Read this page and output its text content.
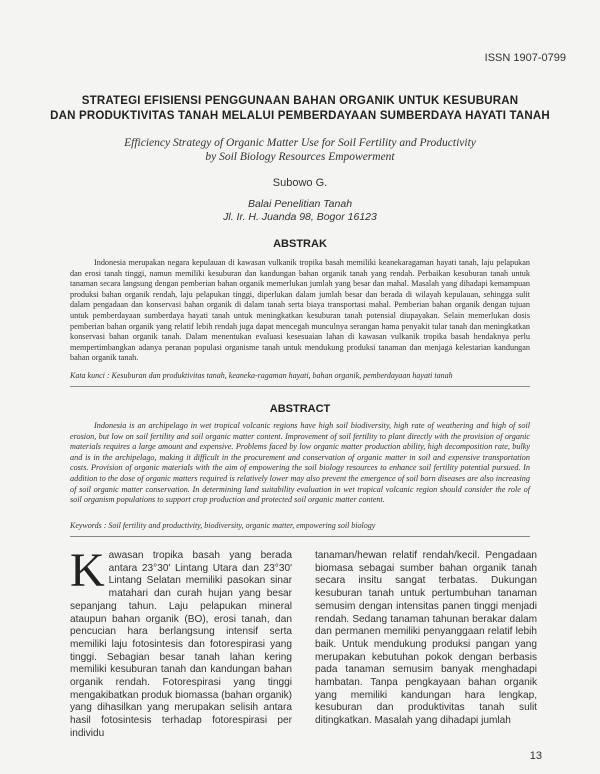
ISSN 1907-0799
STRATEGI EFISIENSI PENGGUNAAN BAHAN ORGANIK UNTUK KESUBURAN
DAN PRODUKTIVITAS TANAH MELALUI PEMBERDAYAAN SUMBERDAYA HAYATI TANAH
Efficiency Strategy of Organic Matter Use for Soil Fertility and Productivity
by Soil Biology Resources Empowerment
Subowo G.
Balai Penelitian Tanah
Jl. Ir. H. Juanda 98, Bogor 16123
ABSTRAK
Indonesia merupakan negara kepulauan di kawasan vulkanik tropika basah memiliki keanekaragaman hayati tanah, laju pelapukan dan erosi tanah tinggi, namun memiliki kesuburan dan kandungan bahan organik tanah yang rendah. Perbaikan kesuburan tanah untuk tanaman secara langsung dengan pemberian bahan organik memerlukan jumlah yang besar dan mahal. Masalah yang dihadapi kemampuan produksi bahan organik rendah, laju pelapukan tinggi, diperlukan dalam jumlah besar dan berada di wilayah kepulauan, sehingga sulit dalam pengadaan dan konservasi bahan organik di dalam tanah serta biaya transportasi mahal. Pemberian bahan organik dengan tujuan untuk pemberdayaan sumberdaya hayati tanah untuk meningkatkan kesuburan tanah potensial diupayakan. Selain memerlukan dosis pemberian bahan organik yang relatif lebih rendah juga dapat mencegah munculnya serangan hama penyakit tular tanah dan meningkatkan konservasi bahan organik tanah. Dalam menentukan evaluasi kesesuaian lahan di kawasan vulkanik tropika basah hendaknya perlu mempertimbangkan adanya peranan populasi organisme tanah untuk mendukung produksi tanaman dan menjaga kelestarian kandungan bahan organik tanah.
Kata kunci : Kesuburan dan produktivitas tanah, keaneka-ragaman hayati, bahan organik, pemberdayaan hayati tanah
ABSTRACT
Indonesia is an archipelago in wet tropical volcanic regions have high soil biodiversity, high rate of weathering and high of soil erosion, but low on soil fertility and soil organic matter content. Improvement of soil fertility to plant directly with the provision of organic materials requires a large amount and expensive. Problems faced by low organic matter production ability, high decomposition rate, bulky and is in the archipelago, making it difficult in the procurement and conservation of organic matter in soil and expensive transportation costs. Provision of organic materials with the aim of empowering the soil biology resources to enhance soil fertility potential pursued. In addition to the dose of organic matters required is relatively lower may also prevent the emergence of soil born diseases are also increasing of soil organic matter conservation. In determining land suitability evaluation in wet tropical volcanic region should consider the role of soil organism populations to support crop production and protected soil organic matter content.
Keywords : Soil fertility and productivity, biodiversity, organic matter, empowering soil biology
Kawasan tropika basah yang berada antara 23°30' Lintang Utara dan 23°30' Lintang Selatan memiliki pasokan sinar matahari dan curah hujan yang besar sepanjang tahun. Laju pelapukan mineral ataupun bahan organik (BO), erosi tanah, dan pencucian hara berlangsung intensif serta memiliki laju fotosintesis dan fotorespirasi yang tinggi. Sebagian besar tanah lahan kering memiliki kesuburan tanah dan kandungan bahan organik rendah. Fotorespirasi yang tinggi mengakibatkan produk biomassa (bahan organik) yang dihasilkan yang merupakan selisih antara hasil fotosintesis terhadap fotorespirasi per individu
tanaman/hewan relatif rendah/kecil. Pengadaan biomasa sebagai sumber bahan organik tanah secara insitu sangat terbatas. Dukungan kesuburan tanah untuk pertumbuhan tanaman semusim dengan intensitas panen tinggi menjadi rendah. Sedang tanaman tahunan berakar dalam dan permanen memiliki penyanggaan relatif lebih baik. Untuk mendukung produksi pangan yang merupakan kebutuhan pokok dengan berbasis pada tanaman semusim banyak menghadapi hambatan. Tanpa pengkayaan bahan organik yang memiliki kandungan hara lengkap, kesuburan dan produktivitas tanah sulit ditingkatkan. Masalah yang dihadapi jumlah
13
